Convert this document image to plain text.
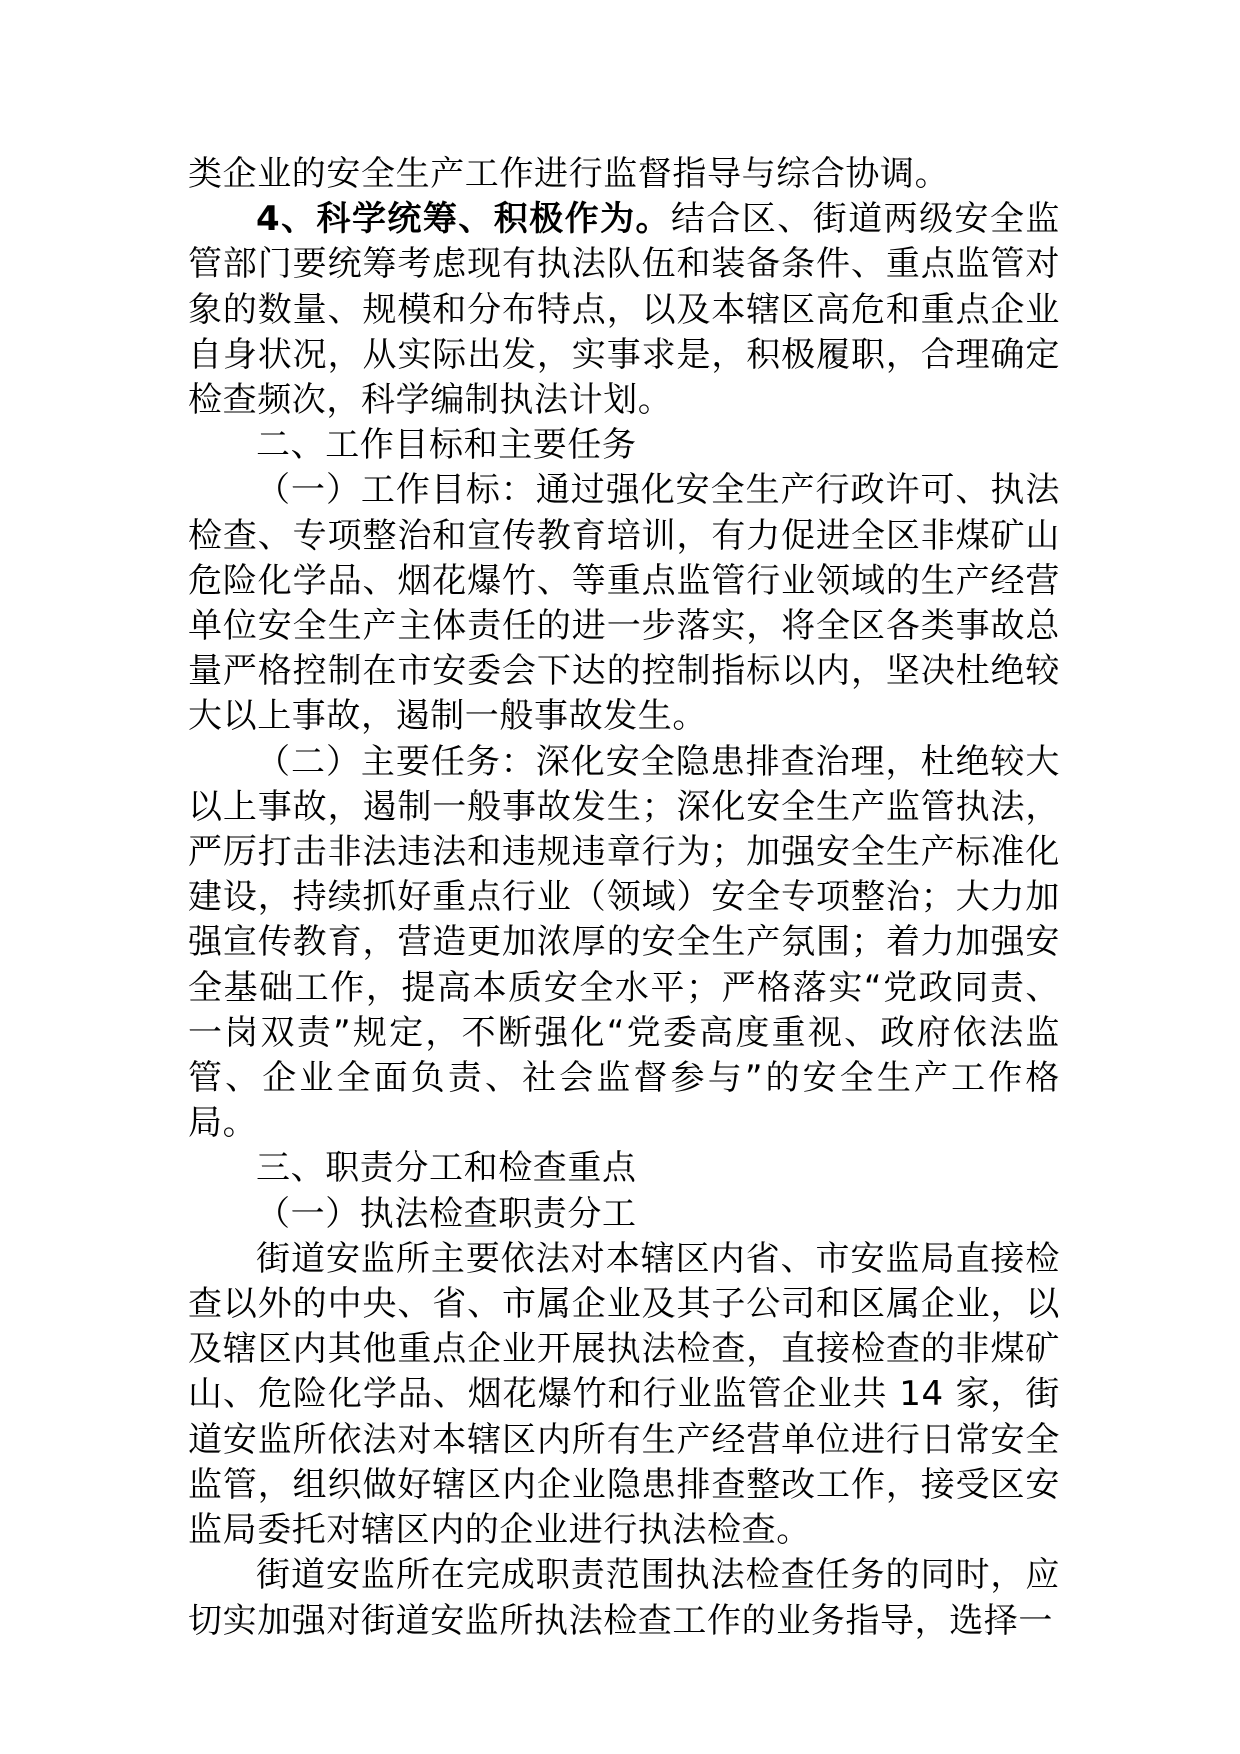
类企业的安全生产工作进行监督指导与综合协调。

4、科学统筹、积极作为。结合区、街道两级安全监管部门要统筹考虑现有执法队伍和装备条件、重点监管对象的数量、规模和分布特点，以及本辖区高危和重点企业自身状况，从实际出发，实事求是，积极履职，合理确定检查频次，科学编制执法计划。

二、工作目标和主要任务

（一）工作目标：通过强化安全生产行政许可、执法检查、专项整治和宣传教育培训，有力促进全区非煤矿山危险化学品、烟花爆竹、等重点监管行业领域的生产经营单位安全生产主体责任的进一步落实，将全区各类事故总量严格控制在市安委会下达的控制指标以内，坚决杜绝较大以上事故，遏制一般事故发生。

（二）主要任务：深化安全隐患排查治理，杜绝较大以上事故，遏制一般事故发生；深化安全生产监管执法，严厉打击非法违法和违规违章行为；加强安全生产标准化建设，持续抓好重点行业（领域）安全专项整治；大力加强宣传教育，营造更加浓厚的安全生产氛围；着力加强安全基础工作，提高本质安全水平；严格落实“党政同责、一岗双责”规定，不断强化“党委高度重视、政府依法监管、企业全面负责、社会监督参与”的安全生产工作格局。

三、职责分工和检查重点

（一）执法检查职责分工

街道安监所主要依法对本辖区内省、市安监局直接检查以外的中央、省、市属企业及其子公司和区属企业，以及辖区内其他重点企业开展执法检查，直接检查的非煤矿山、危险化学品、烟花爆竹和行业监管企业共 14 家，街道安监所依法对本辖区内所有生产经营单位进行日常安全监管，组织做好辖区内企业隐患排查整改工作，接受区安监局委托对辖区内的企业进行执法检查。

街道安监所在完成职责范围执法检查任务的同时，应切实加强对街道安监所执法检查工作的业务指导，选择一
